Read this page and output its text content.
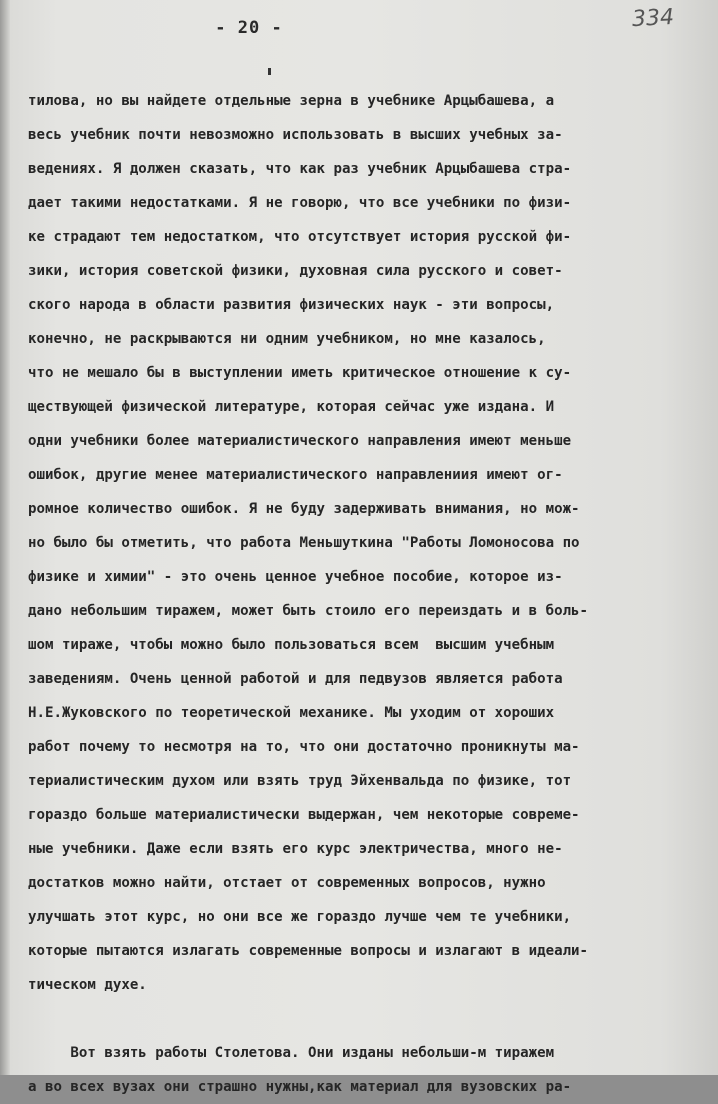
- 20 -	334
тилова, но вы найдете отдельные зерна в учебнике Арцыбашева, а
весь учебник почти невозможно использовать в высших учебных за-
ведениях. Я должен сказать, что как раз учебник Арцыбашева стра-
дает такими недостатками. Я не говорю, что все учебники по физи-
ке страдают тем недостатком, что отсутствует история русской фи-
зики, история советской физики, духовная сила русского и совет-
ского народа в области развития физических наук - эти вопросы,
конечно, не раскрываются ни одним учебником, но мне казалось,
что не мешало бы в выступлении иметь критическое отношение к су-
ществующей физической литературе, которая сейчас уже издана. И
одни учебники более материалистического направления имеют меньше
ошибок, другие менее материалистического направлениия имеют ог-
ромное количество ошибок. Я не буду задерживать внимания, но мож-
но было бы отметить, что работа Меньшуткина "Работы Ломоносова по
физике и химии" - это очень ценное учебное пособие, которое из-
дано небольшим тиражем, может быть стоило его переиздать и в боль-
шом тираже, чтобы можно было пользоваться всем  высшим учебным
заведениям. Очень ценной работой и для педвузов является работа
Н.Е.Жуковского по теоретической механике. Мы уходим от хороших
работ почему то несмотря на то, что они достаточно проникнуты ма-
териалистическим духом или взять труд Эйхенвальда по физике, тот
гораздо больше материалистически выдержан, чем некоторые совреме-
ные учебники. Даже если взять его курс электричества, много не-
достатков можно найти, отстает от современных вопросов, нужно
улучшать этот курс, но они все же гораздо лучше чем те учебники,
которые пытаются излагать современные вопросы и излагают в идеали-
тическом духе.
Вот взять работы Столетова. Они изданы небольши-м тиражем
а во всех вузах они страшно нужны,как материал для вузовских ра-
